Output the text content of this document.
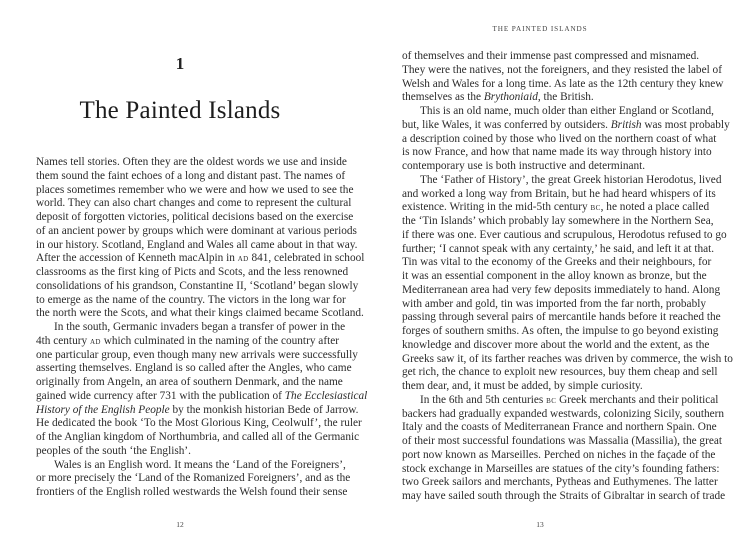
1
The Painted Islands
Names tell stories. Often they are the oldest words we use and inside
them sound the faint echoes of a long and distant past. The names of
places sometimes remember who we were and how we used to see the
world. They can also chart changes and come to represent the cultural
deposit of forgotten victories, political decisions based on the exercise
of an ancient power by groups which were dominant at various periods
in our history. Scotland, England and Wales all came about in that way.
After the accession of Kenneth macAlpin in ad 841, celebrated in school
classrooms as the first king of Picts and Scots, and the less renowned
consolidations of his grandson, Constantine II, ‘Scotland’ began slowly
to emerge as the name of the country. The victors in the long war for
the north were the Scots, and what their kings claimed became Scotland.
In the south, Germanic invaders began a transfer of power in the
4th century ad which culminated in the naming of the country after
one particular group, even though many new arrivals were successfully
asserting themselves. England is so called after the Angles, who came
originally from Angeln, an area of southern Denmark, and the name
gained wide currency after 731 with the publication of The Ecclesiastical
History of the English People by the monkish historian Bede of Jarrow.
He dedicated the book ‘To the Most Glorious King, Ceolwulf’, the ruler
of the Anglian kingdom of Northumbria, and called all of the Germanic
peoples of the south ‘the English’.
Wales is an English word. It means the ‘Land of the Foreigners’,
or more precisely the ‘Land of the Romanized Foreigners’, and as the
frontiers of the English rolled westwards the Welsh found their sense
12
THE PAINTED ISLANDS
of themselves and their immense past compressed and misnamed.
They were the natives, not the foreigners, and they resisted the label of
Welsh and Wales for a long time. As late as the 12th century they knew
themselves as the Brythoniaid, the British.
This is an old name, much older than either England or Scotland,
but, like Wales, it was conferred by outsiders. British was most probably
a description coined by those who lived on the northern coast of what
is now France, and how that name made its way through history into
contemporary use is both instructive and determinant.
The ‘Father of History’, the great Greek historian Herodotus, lived
and worked a long way from Britain, but he had heard whispers of its
existence. Writing in the mid-5th century bc, he noted a place called
the ‘Tin Islands’ which probably lay somewhere in the Northern Sea,
if there was one. Ever cautious and scrupulous, Herodotus refused to go
further; ‘I cannot speak with any certainty,’ he said, and left it at that.
Tin was vital to the economy of the Greeks and their neighbours, for
it was an essential component in the alloy known as bronze, but the
Mediterranean area had very few deposits immediately to hand. Along
with amber and gold, tin was imported from the far north, probably
passing through several pairs of mercantile hands before it reached the
forges of southern smiths. As often, the impulse to go beyond existing
knowledge and discover more about the world and the extent, as the
Greeks saw it, of its farther reaches was driven by commerce, the wish to
get rich, the chance to exploit new resources, buy them cheap and sell
them dear, and, it must be added, by simple curiosity.
In the 6th and 5th centuries bc Greek merchants and their political
backers had gradually expanded westwards, colonizing Sicily, southern
Italy and the coasts of Mediterranean France and northern Spain. One
of their most successful foundations was Massalia (Massilia), the great
port now known as Marseilles. Perched on niches in the façade of the
stock exchange in Marseilles are statues of the city’s founding fathers:
two Greek sailors and merchants, Pytheas and Euthymenes. The latter
may have sailed south through the Straits of Gibraltar in search of trade
13
